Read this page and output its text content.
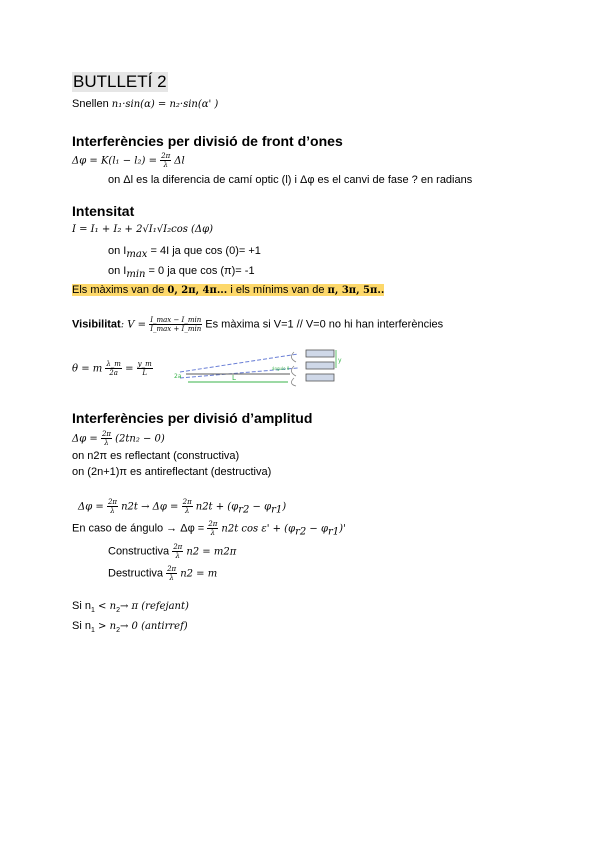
BUTLLETÍ 2
Snellen n₁·sin(α) = n₂·sin(α' )
Interferències per divisió de front d’ones
$\Delta\varphi = K(l_1 - l_2) = \frac{2\pi}{\lambda}$ Δl
on Δl es la diferencia de camí optic (l) i Δφ es el canvi de fase ? en radians
Intensitat
I = I₁ + I₂ + 2√I₁√I₂cos (Δφ)
on $I_{max} = 4I$ ja que cos (0)= +1
on $I_{min} = 0$ ja que cos (π)= -1
Els màxims van de 0, 2π, 4π... i els mínims van de π, 3π, 5π..
Visibilitat: $V = \frac{I\_\max - I\_\min}{I\_\max + I\_\min}$ Es màxima si V=1 // V=0 no hi han interferències
θ = m $\frac{\lambda\_m}{2a} = \frac{y\_m}{L}$	2a	L
ángulo θ
y
Interferències per divisió d’amplitud
$\Delta\varphi = \frac{2\pi}{\lambda} (2tn_2 - 0)$
on n2π es reflectant (constructiva)
on (2n+1)π es antireflectant (destructiva)
$\Delta\varphi = \frac{2\pi}{\lambda} n2t \to \Delta\varphi = \frac{2\pi}{\lambda} n2t + (\varphi_{r2} - \varphi_{r1})$
En caso de ángulo → $\Delta\varphi = \frac{2\pi}{\lambda} n2t$ $\cos \varepsilon' + (\varphi_{r2} - \varphi_{r1})'$
Constructiva $\frac{2\pi}{\lambda} n2 = m2\pi$
Destructiva $\frac{2\pi}{\lambda} n2 = m$
Si $n_1 < n_2\to \pi$ (refejant)
Si $n_1 > n_2\to 0$ (antirref)
